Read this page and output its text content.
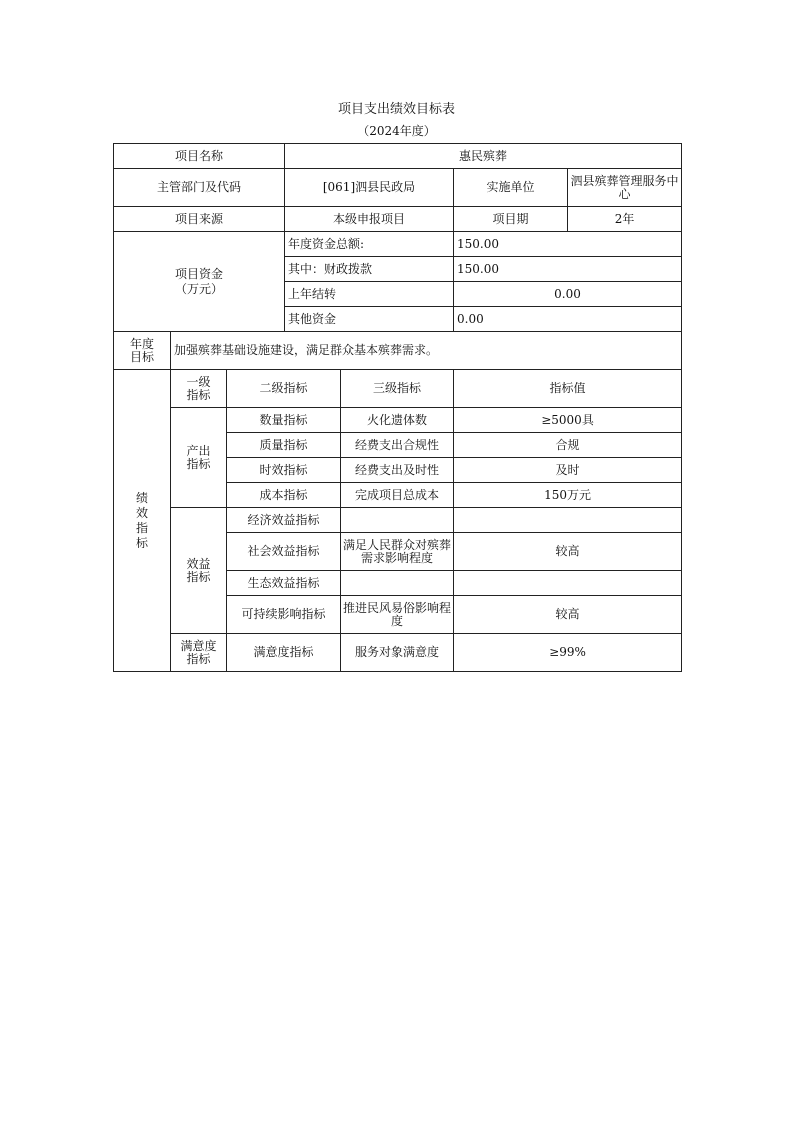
项目支出绩效目标表
（2024年度）
项目名称			惠民殡葬			
主管部门及代码			[061]泗县民政局		实施单位	泗县殡葬管理服务中心
项目来源			本级申报项目		项目期	2年
项目资金（万元）			年度资金总额:		150.00	
			其中：财政拨款		150.00	
			上年结转		0.00	
			其他资金		0.00	
年度目标	加强殡葬基础设施建设，满足群众基本殡葬需求。					
绩效指标	一级指标	二级指标		三级指标	指标值	
	产出指标	数量指标		火化遗体数	≥5000具	
		质量指标		经费支出合规性	合规	
		时效指标		经费支出及时性	及时	
		成本指标		完成项目总成本	150万元	
	效益指标	经济效益指标				
		社会效益指标		满足人民群众对殡葬需求影响程度	较高	
		生态效益指标				
		可持续影响指标		推进民风易俗影响程度	较高	
	满意度指标	满意度指标		服务对象满意度	≥99%	
